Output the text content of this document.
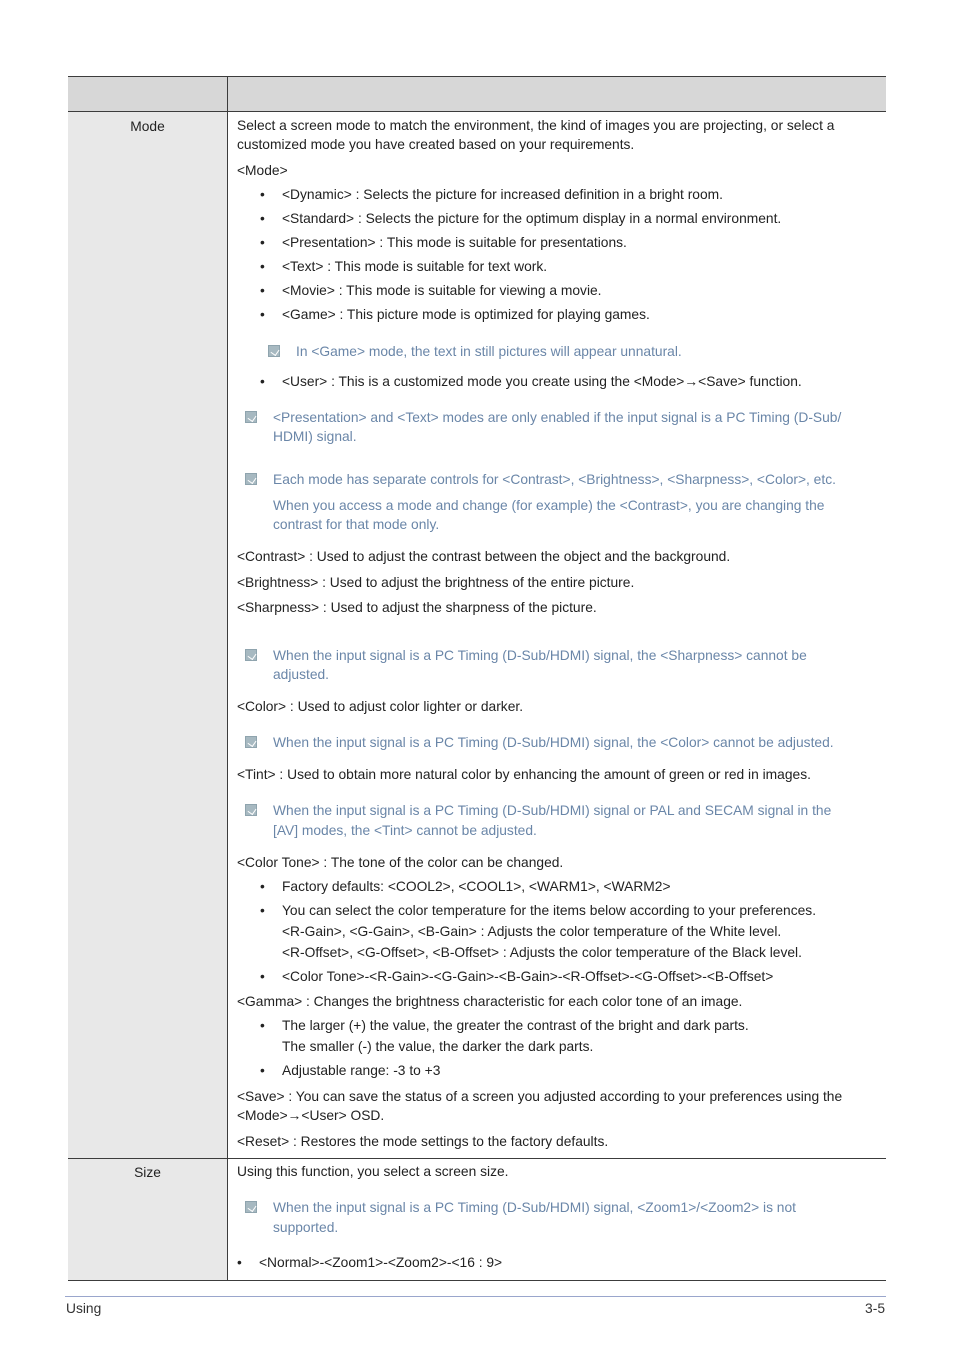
Mode
Size
Select a screen mode to match the environment, the kind of images you are projecting, or select a
customized mode you have created based on your requirements.
<Mode>
• <Dynamic> : Selects the picture for increased definition in a bright room.
• <Standard> : Selects the picture for the optimum display in a normal environment.
• <Presentation> : This mode is suitable for presentations.
• <Text> : This mode is suitable for text work.
• <Movie> : This mode is suitable for viewing a movie.
• <Game> : This picture mode is optimized for playing games.
In <Game> mode, the text in still pictures will appear unnatural.
• <User> : This is a customized mode you create using the <Mode>→<Save> function.
<Presentation> and <Text> modes are only enabled if the input signal is a PC Timing (D-Sub/
HDMI) signal.
Each mode has separate controls for <Contrast>, <Brightness>, <Sharpness>, <Color>, etc.
When you access a mode and change (for example) the <Contrast>, you are changing the
contrast for that mode only.
<Contrast> : Used to adjust the contrast between the object and the background.
<Brightness> : Used to adjust the brightness of the entire picture.
<Sharpness> : Used to adjust the sharpness of the picture.
When the input signal is a PC Timing (D-Sub/HDMI) signal, the <Sharpness> cannot be
adjusted.
<Color> : Used to adjust color lighter or darker.
When the input signal is a PC Timing (D-Sub/HDMI) signal, the <Color> cannot be adjusted.
<Tint> : Used to obtain more natural color by enhancing the amount of green or red in images.
When the input signal is a PC Timing (D-Sub/HDMI) signal or PAL and SECAM signal in the
[AV] modes, the <Tint> cannot be adjusted.
<Color Tone> : The tone of the color can be changed.
• Factory defaults: <COOL2>, <COOL1>, <WARM1>, <WARM2>
• You can select the color temperature for the items below according to your preferences.
<R-Gain>, <G-Gain>, <B-Gain> : Adjusts the color temperature of the White level.
<R-Offset>, <G-Offset>, <B-Offset> : Adjusts the color temperature of the Black level.
• <Color Tone>-<R-Gain>-<G-Gain>-<B-Gain>-<R-Offset>-<G-Offset>-<B-Offset>
<Gamma> : Changes the brightness characteristic for each color tone of an image.
• The larger (+) the value, the greater the contrast of the bright and dark parts.
The smaller (-) the value, the darker the dark parts.
• Adjustable range: -3 to +3
<Save> : You can save the status of a screen you adjusted according to your preferences using the
<Mode>→<User> OSD.
<Reset> : Restores the mode settings to the factory defaults.
Using this function, you select a screen size.
When the input signal is a PC Timing (D-Sub/HDMI) signal, <Zoom1>/<Zoom2> is not
supported.
• <Normal>-<Zoom1>-<Zoom2>-<16 : 9>
Using	3-5
